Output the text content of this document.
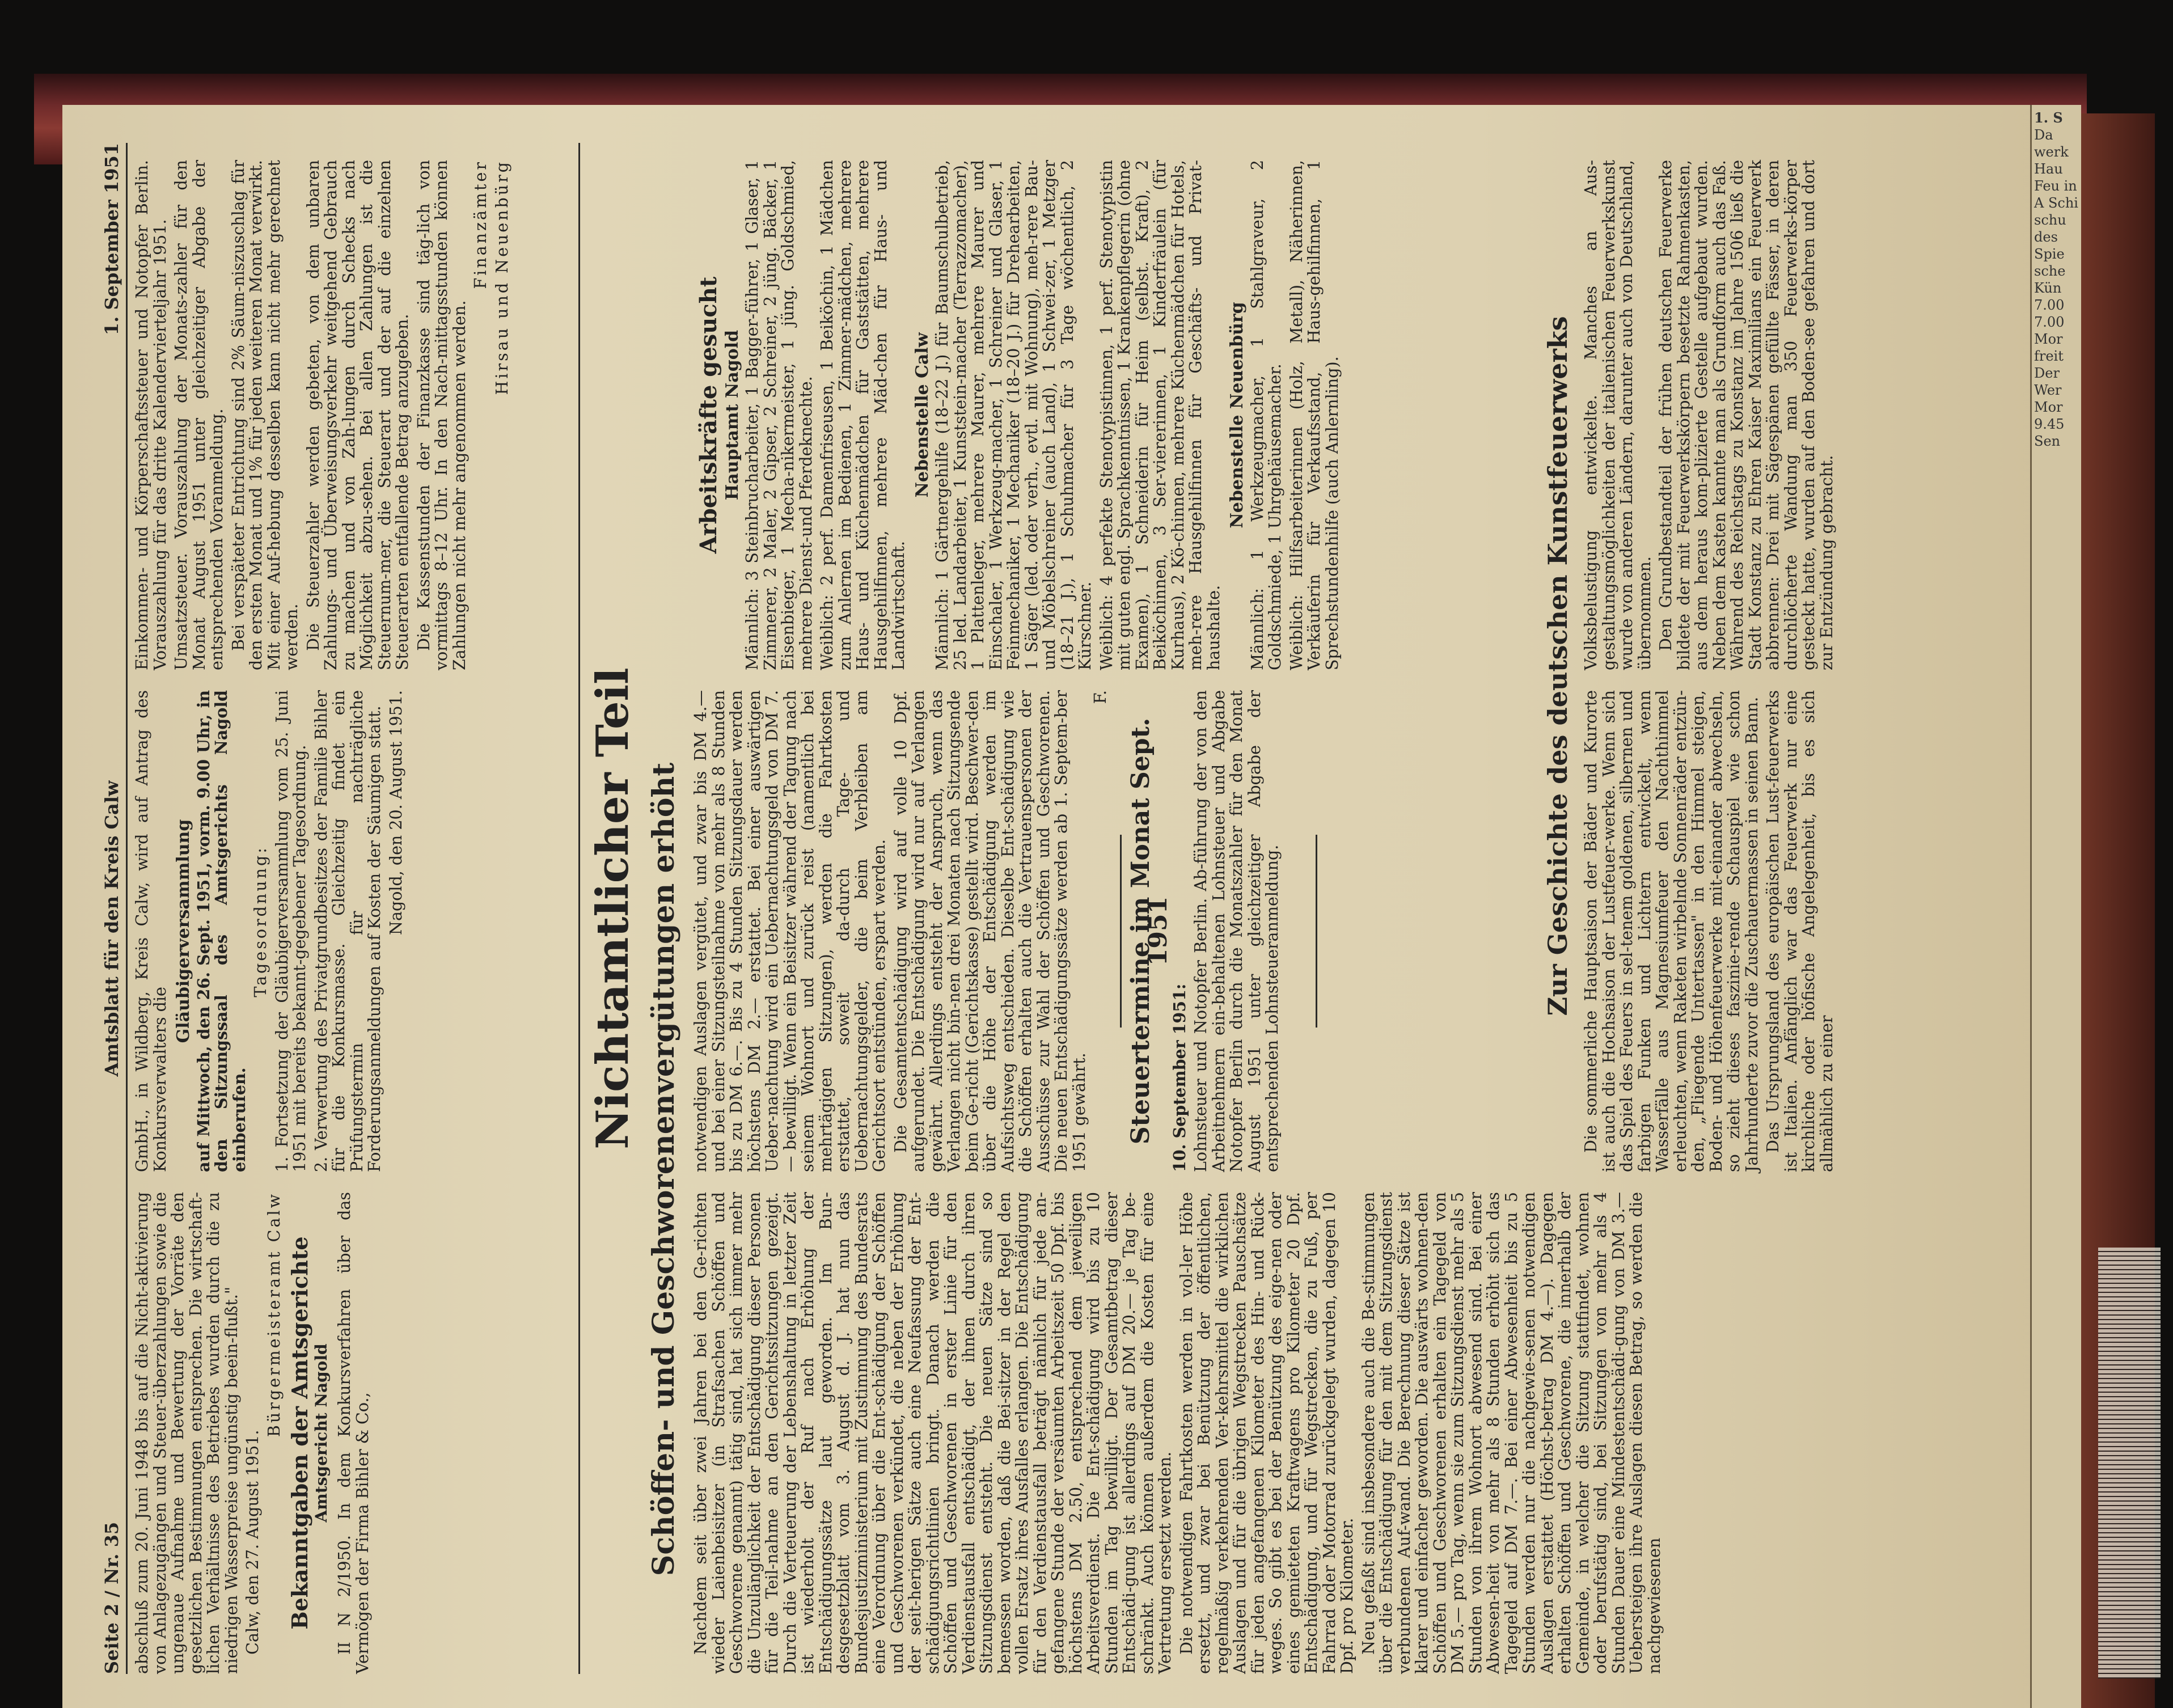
1. S
Da werk Hau Feu in A Schi schu des Spie sche Kün 7.00 7.00 Mor freit Der Wer Mor 9.45 Sen
Seite 2 / Nr. 35
Amtsblatt für den Kreis Calw
1. September 1951

abschluß zum 20. Juni 1948 bis auf die Nicht-aktivierung von Anlagezugängen und Steuer-überzahlungen sowie die ungenaue Aufnahme und Bewertung der Vorräte den gesetzlichen Bestimmungen entsprechen. Die wirtschaft-lichen Verhältnisse des Betriebes wurden durch die zu niedrigen Wasserpreise ungünstig beein-flußt." Calw, den 27. August 1951.

Bürgermeisteramt Calw Bekanntgaben der Amtsgerichte
Amtsgericht Nagold II N 2/1950. In dem Konkursverfahren über das Vermögen der Firma Bihler & Co.,

GmbH., in Wildberg, Kreis Calw, wird auf Antrag des Konkursverwalters die

Gläubigerversammlung auf Mittwoch, den 26. Sept. 1951, vorm. 9.00 Uhr, in den Sitzungssaal des Amtsgerichts Nagold einberufen.

Tagesordnung: 1. Fortsetzung der Gläubigerversammlung vom 25. Juni 1951 mit bereits bekannt-gegebener Tagesordnung. 2. Verwertung des Privatgrundbesitzes der Familie Bihler für die Konkursmasse. Gleichzeitig findet ein Prüfungstermin für nachträgliche Forderungsanmeldungen auf Kosten der Säumigen statt. Nagold, den 20. August 1951.

Einkommen- und Körperschaftssteuer und Notopfer Berlin. Vorauszahlung für das dritte Kalendervierteljahr 1951. Umsatzsteuer. Vorauszahlung der Monats-zahler für den Monat August 1951 unter gleichzeitiger Abgabe der entsprechenden Voranmeldung. Bei verspäteter Entrichtung sind 2% Säum-niszuschlag für den ersten Monat und 1% für jeden weiteren Monat verwirkt. Mit einer Auf-hebung desselben kann nicht mehr gerechnet werden. Die Steuerzahler werden gebeten, von dem unbaren Zahlungs- und Überweisungsverkehr weitgehend Gebrauch zu machen und von Zah-lungen durch Schecks nach Möglichkeit abzu-sehen. Bei allen Zahlungen ist die Steuernum-mer, die Steuerart und der auf die einzelnen Steuerarten entfallende Betrag anzugeben. Die Kassenstunden der Finanzkasse sind täg-lich von vormittags 8–12 Uhr. In den Nach-mittagsstunden können Zahlungen nicht mehr angenommen werden.

Finanzämter Hirsau und Neuenbürg

Nichtamtlicher Teil Schöffen- und Geschworenenvergütungen erhöht Nachdem seit über zwei Jahren bei den Ge-richten wieder Laienbeisitzer (in Strafsachen Schöffen und Geschworene genannt) tätig sind, hat sich immer mehr die Unzulänglichkeit der Entschädigung dieser Personen für die Teil-nahme an den Gerichtssitzungen gezeigt. Durch die Verteuerung der Lebenshaltung in letzter Zeit ist wiederholt der Ruf nach Erhöhung der Entschädigungssätze laut geworden. Im Bun-desgesetzblatt vom 3. August d. J. hat nun das Bundesjustizministerium mit Zustimmung des Bundesrats eine Verordnung über die Ent-schädigung der Schöffen und Geschworenen verkündet, die neben der Erhöhung der seit-herigen Sätze auch eine Neufassung der Ent-schädigungsrichtlinien bringt. Danach werden die Schöffen und Geschworenen in erster Linie für den Verdienstausfall entschädigt, der ihnen durch ihren Sitzungsdienst entsteht. Die neuen Sätze sind so bemessen worden, daß die Bei-sitzer in der Regel den vollen Ersatz ihres Ausfalles erlangen. Die Entschädigung für den Verdienstausfall beträgt nämlich für jede an-gefangene Stunde der versäumten Arbeitszeit 50 Dpf. bis höchstens DM 2.50, entsprechend dem jeweiligen Arbeitsverdienst. Die Ent-schädigung wird bis zu 10 Stunden im Tag bewilligt. Der Gesamtbetrag dieser Entschädi-gung ist allerdings auf DM 20.— je Tag be-schränkt. Auch können außerdem die Kosten für eine Vertretung ersetzt werden. Die notwendigen Fahrtkosten werden in vol-ler Höhe ersetzt, und zwar bei Benützung der öffentlichen, regelmäßig verkehrenden Ver-kehrsmittel die wirklichen Auslagen und für die übrigen Wegstrecken Pauschsätze für jeden angefangenen Kilometer des Hin- und Rück-weges. So gibt es bei der Benützung des eige-nen oder eines gemieteten Kraftwagens pro Kilometer 20 Dpf. Entschädigung, und für Wegstrecken, die zu Fuß, per Fahrrad oder Motorrad zurückgelegt wurden, dagegen 10 Dpf. pro Kilometer. Neu gefaßt sind insbesondere auch die Be-stimmungen über die Entschädigung für den mit dem Sitzungsdienst verbundenen Auf-wand. Die Berechnung dieser Sätze ist klarer und einfacher geworden. Die auswärts wohnen-den Schöffen und Geschworenen erhalten ein Tagegeld von DM 5.— pro Tag, wenn sie zum Sitzungsdienst mehr als 5 Stunden von ihrem Wohnort abwesend sind. Bei einer Abwesen-heit von mehr als 8 Stunden erhöht sich das Tagegeld auf DM 7.—. Bei einer Abwesenheit bis zu 5 Stunden werden nur die nachgewie-senen notwendigen Auslagen erstattet (Höchst-betrag DM 4.—). Dagegen erhalten Schöffen und Geschworene, die innerhalb der Gemeinde, in welcher die Sitzung stattfindet, wohnen oder berufstätig sind, bei Sitzungen von mehr als 4 Stunden Dauer eine Mindestentschädi-gung von DM 3.— Uebersteigen ihre Auslagen diesen Betrag, so werden die nachgewiesenen

notwendigen Auslagen vergütet, und zwar bis DM 4.— und bei einer Sitzungsteilnahme von mehr als 8 Stunden bis zu DM 6.—. Bis zu 4 Stunden Sitzungsdauer werden höchstens DM 2.— erstattet. Bei einer auswärtigen Ueber-nachtung wird ein Uebernachtungsgeld von DM 7.— bewilligt. Wenn ein Beisitzer während der Tagung nach seinem Wohnort und zurück reist (namentlich bei mehrtägigen Sitzungen), werden die Fahrtkosten erstattet, soweit da-durch Tage- und Uebernachtungsgelder, die beim Verbleiben am Gerichtsort entstünden, erspart werden. Die Gesamtentschädigung wird auf volle 10 Dpf. aufgerundet. Die Entschädigung wird nur auf Verlangen gewährt. Allerdings entsteht der Anspruch, wenn das Verlangen nicht bin-nen drei Monaten nach Sitzungsende beim Ge-richt (Gerichtskasse) gestellt wird. Beschwer-den über die Höhe der Entschädigung werden im Aufsichtsweg entschieden. Dieselbe Ent-schädigung wie die Schöffen erhalten auch die Vertrauenspersonen der Ausschüsse zur Wahl der Schöffen und Geschworenen. Die neuen Entschädigungssätze werden ab 1. Septem-ber 1951 gewährt.

F.

Steuertermine im Monat Sept. 1951

10. September 1951: Lohnsteuer und Notopfer Berlin. Ab-führung der von den Arbeitnehmern ein-behaltenen Lohnsteuer und Abgabe Notopfer Berlin durch die Monatszahler für den Monat August 1951 unter gleichzeitiger Abgabe der entsprechenden Lohnsteueranmeldung.

Arbeitskräfte gesucht Hauptamt Nagold Männlich: 3 Steinbrucharbeiter, 1 Bagger-führer, 1 Glaser, 1 Zimmerer, 2 Maler, 2 Gipser, 2 Schreiner, 2 jüng. Bäcker, 1 Eisenbieger, 1 Mecha-nikermeister, 1 jüng. Goldschmied, mehrere Dienst-und Pferdeknechte. Weiblich: 2 perf. Damenfriseusen, 1 Beiköchin, 1 Mädchen zum Anlernen im Bedienen, 1 Zimmer-mädchen, mehrere Haus- und Küchenmädchen für Gaststätten, mehrere Hausgehilfinnen, mehrere Mäd-chen für Haus- und Landwirtschaft.

Nebenstelle Calw Männlich: 1 Gärtnergehilfe (18–22 J.) für Baumschulbetrieb, 25 led. Landarbeiter, 1 Kunststein-macher (Terrazzomacher), 1 Plattenleger, mehrere Maurer, mehrere Maurer und Einschaler, 1 Werkzeug-macher, 1 Schreiner und Glaser, 1 Feinmechaniker, 1 Mechaniker (18–20 J.) für Drehearbeiten, 1 Säger (led. oder verh., evtl. mit Wohnung), meh-rere Bau- und Möbelschreiner (auch Land), 1 Schwei-zer, 1 Metzger (18–21 J.), 1 Schuhmacher für 3 Tage wöchentlich, 2 Kürschner. Weiblich: 4 perfekte Stenotypistinnen, 1 perf. Stenotypistin mit guten engl. Sprachkenntnissen, 1 Krankenpflegerin (ohne Examen), 1 Schneiderin für Heim (selbst. Kraft), 2 Beiköchinnen, 3 Ser-viererinnen, 1 Kinderfräulein (für Kurhaus), 2 Kö-chinnen, mehrere Küchenmädchen für Hotels, meh-rere Hausgehilfinnen für Geschäfts- und Privat-haushalte.

Nebenstelle Neuenbürg Männlich: 1 Werkzeugmacher, 1 Stahlgraveur, 2 Goldschmiede, 1 Uhrgehäusemacher. Weiblich: Hilfsarbeiterinnen (Holz, Metall), Näherinnen, Verkäuferin für Verkaufsstand, Haus-gehilfinnen, 1 Sprechstundenhilfe (auch Anlernling).	Zur Geschichte des deutschen Kunstfeuerwerks Die sommerliche Hauptsaison der Bäder und Kurorte ist auch die Hochsaison der Lustfeuer-werke. Wenn sich das Spiel des Feuers in sel-tenem goldenen, silbernen und farbigen Funken und Lichtern entwickelt, wenn Wasserfälle aus Magnesiumfeuer den Nachthimmel erleuchten, wenn Raketen wirbelnde Sonnenräder entzün-den, „Fliegende Untertassen" in den Himmel steigen, Boden- und Höhenfeuerwerke mit-einander abwechseln, so zieht dieses faszinie-rende Schauspiel wie schon Jahrhunderte zuvor die Zuschauermassen in seinen Bann. Das Ursprungsland des europäischen Lust-feuerwerks ist Italien. Anfänglich war das Feuerwerk nur eine kirchliche oder höfische Angelegenheit, bis es sich allmählich zu einer

Volksbelustigung entwickelte. Manches an Aus-gestaltungsmöglichkeiten der italienischen Feuerwerkskunst wurde von anderen Ländern, darunter auch von Deutschland, übernommen. Den Grundbestandteil der frühen deutschen Feuerwerke bildete der mit Feuerwerkskörpern besetzte Rahmenkasten, aus dem heraus kom-plizierte Gestelle aufgebaut wurden. Neben dem Kasten kannte man als Grundform auch das Faß. Während des Reichstags zu Konstanz im Jahre 1506 ließ die Stadt Konstanz zu Ehren Kaiser Maximilians ein Feuerwerk abbrennen: Drei mit Sägespänen gefüllte Fässer, in deren durchlöcherte Wandung man 350 Feuerwerks-körper gesteckt hatte, wurden auf den Boden-see gefahren und dort zur Entzündung gebracht.
